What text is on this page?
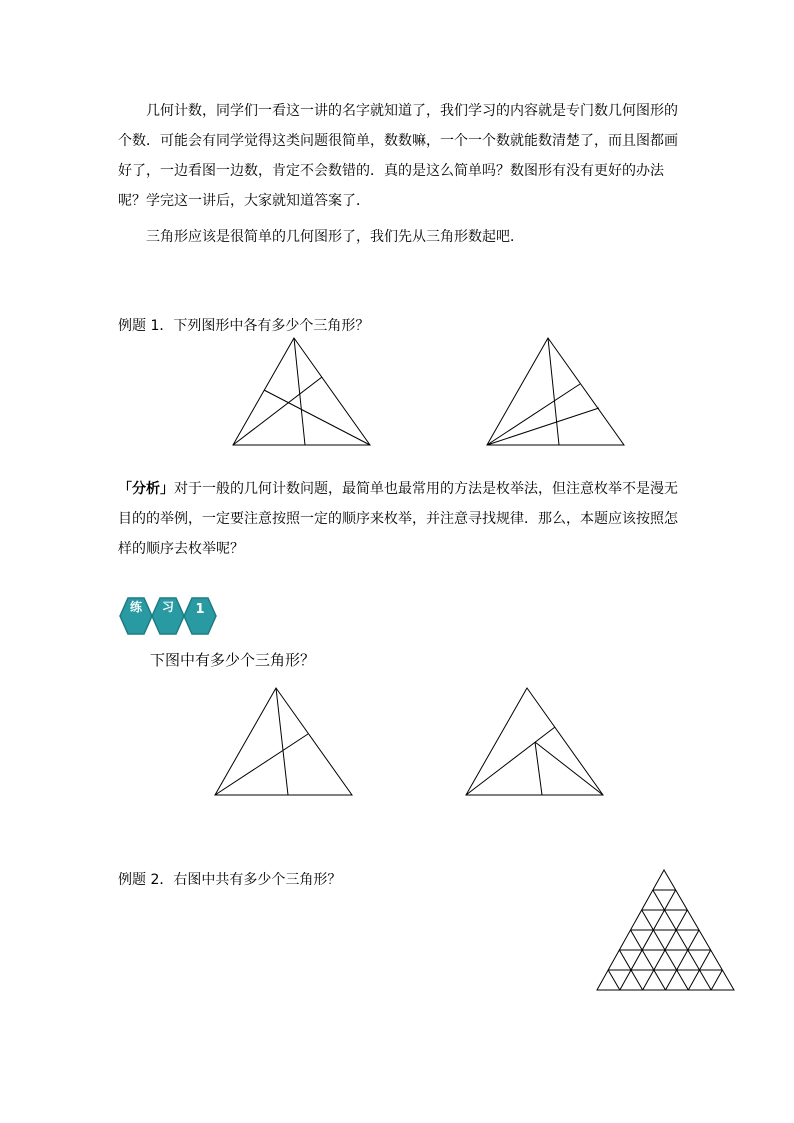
几何计数，同学们一看这一讲的名字就知道了，我们学习的内容就是专门数几何图形的个数．可能会有同学觉得这类问题很简单，数数嘛，一个一个数就能数清楚了，而且图都画好了，一边看图一边数，肯定不会数错的．真的是这么简单吗？数图形有没有更好的办法呢？学完这一讲后，大家就知道答案了．

三角形应该是很简单的几何图形了，我们先从三角形数起吧．

例题 1．下列图形中各有多少个三角形？

「分析」对于一般的几何计数问题，最简单也最常用的方法是枚举法，但注意枚举不是漫无目的的举例，一定要注意按照一定的顺序来枚举，并注意寻找规律．那么，本题应该按照怎样的顺序去枚举呢？

练 习 1

下图中有多少个三角形？

例题 2．右图中共有多少个三角形？
